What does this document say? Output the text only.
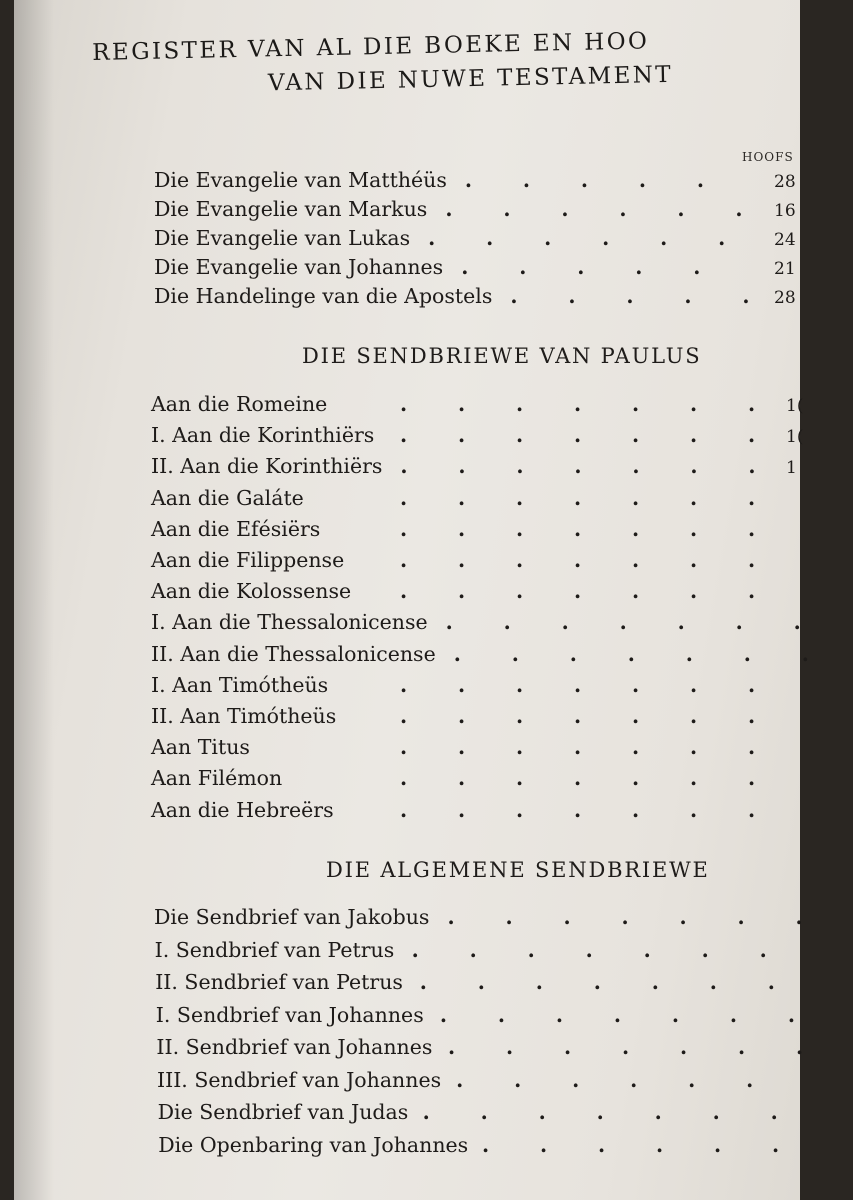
REGISTER VAN AL DIE BOEKE EN HOO
VAN DIE NUWE TESTAMENT
HOOFS
Die Evangelie van Matthéüs . . . . .	28
Die Evangelie van Markus . . . . . . 16
Die Evangelie van Lukas . . . . . .	24
Die Evangelie van Johannes . . . . .	21
Die Handelinge van die Apostels . . . . . 28
DIE SENDBRIEWE VAN PAULUS
Aan die Romeine	. . . . . . . 1(
I. Aan die Korinthiërs . . . . . . . 1(
II. Aan die Korinthiërs . . . . . . . 1
Aan die Galáte	. . . . . . .
Aan die Efésiërs	. . . . . . .
Aan die Filippense	. . . . . . .
Aan die Kolossense . . . . . . .
I. Aan die Thessalonicense . . . . . . .
II. Aan die Thessalonicense . . . . . . .
I. Aan Timótheüs	. . . . . . .
II. Aan Timótheüs	. . . . . . .
Aan Titus	. . . . . . .
Aan Filémon	. . . . . . .
Aan die Hebreërs	. . . . . . .
DIE ALGEMENE SENDBRIEWE
Die Sendbrief van Jakobus . . . . . . .
I. Sendbrief van Petrus . . . . . . .
II. Sendbrief van Petrus . . . . . . .
I. Sendbrief van Johannes . . . . . . .
II. Sendbrief van Johannes . . . . . . .
III. Sendbrief van Johannes . . . . . .
Die Sendbrief van Judas . . . . . . .
Die Openbaring van Johannes . . . . . .
